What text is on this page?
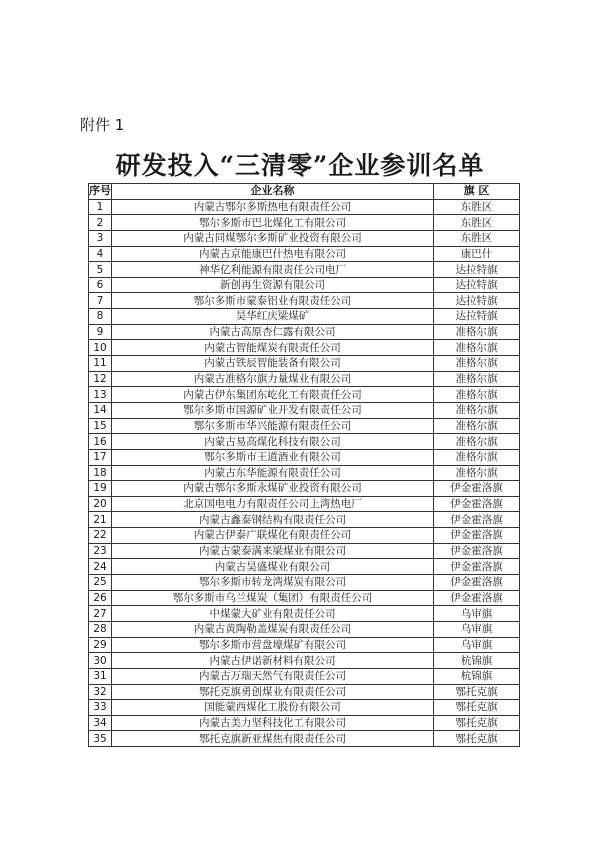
附件 1
研发投入“三清零”企业参训名单
序号	企业名称	旗 区
1	内蒙古鄂尔多斯热电有限责任公司	东胜区
2	鄂尔多斯市巴北煤化工有限公司	东胜区
3	内蒙古同煤鄂尔多斯矿业投资有限公司	东胜区
4	内蒙古京能康巴什热电有限公司	康巴什
5	神华亿利能源有限责任公司电厂	达拉特旗
6	新创再生资源有限公司	达拉特旗
7	鄂尔多斯市蒙泰铝业有限责任公司	达拉特旗
8	昊华红庆梁煤矿	达拉特旗
9	内蒙古高原杏仁露有限公司	准格尔旗
10	内蒙古智能煤炭有限责任公司	准格尔旗
11	内蒙古铁辰智能装备有限公司	准格尔旗
12	内蒙古准格尔旗力量煤业有限公司	准格尔旗
13	内蒙古伊东集团东屹化工有限责任公司	准格尔旗
14	鄂尔多斯市国源矿业开发有限责任公司	准格尔旗
15	鄂尔多斯市华兴能源有限责任公司	准格尔旗
16	内蒙古易高煤化科技有限公司	准格尔旗
17	鄂尔多斯市王道酒业有限公司	准格尔旗
18	内蒙古东华能源有限责任公司	准格尔旗
19	内蒙古鄂尔多斯永煤矿业投资有限公司	伊金霍洛旗
20	北京国电电力有限责任公司上湾热电厂	伊金霍洛旗
21	内蒙古鑫泰钢结构有限责任公司	伊金霍洛旗
22	内蒙古伊泰广联煤化有限责任公司	伊金霍洛旗
23	内蒙古蒙泰满来梁煤业有限公司	伊金霍洛旗
24	内蒙古昊盛煤业有限公司	伊金霍洛旗
25	鄂尔多斯市转龙湾煤炭有限公司	伊金霍洛旗
26	鄂尔多斯市乌兰煤炭（集团）有限责任公司	伊金霍洛旗
27	中煤蒙大矿业有限责任公司	乌审旗
28	内蒙古黄陶勒盖煤炭有限责任公司	乌审旗
29	鄂尔多斯市营盘壕煤矿有限公司	乌审旗
30	内蒙古伊诺新材料有限公司	杭锦旗
31	内蒙古万瑞天然气有限责任公司	杭锦旗
32	鄂托克旗勇创煤业有限责任公司	鄂托克旗
33	国能蒙西煤化工股份有限公司	鄂托克旗
34	内蒙古美力坚科技化工有限公司	鄂托克旗
35	鄂托克旗新亚煤焦有限责任公司	鄂托克旗
